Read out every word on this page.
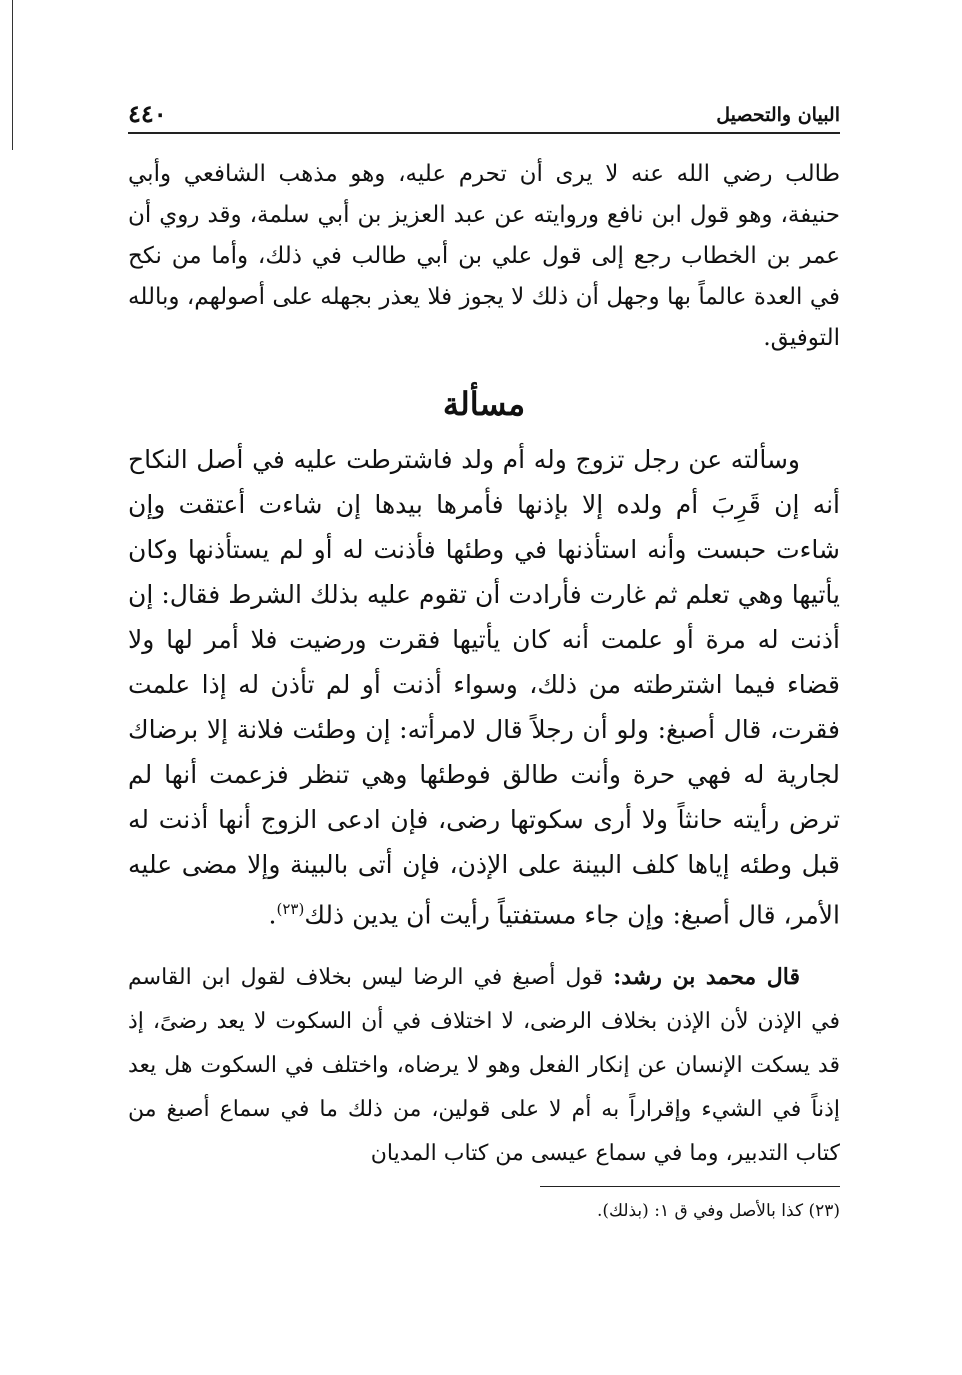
البيان والتحصيل
٤٤٠

طالب رضي الله عنه لا يرى أن تحرم عليه، وهو مذهب الشافعي وأبي حنيفة، وهو قول ابن نافع وروايته عن عبد العزيز بن أبي سلمة، وقد روي أن عمر بن الخطاب رجع إلى قول علي بن أبي طالب في ذلك، وأما من نكح في العدة عالماً بها وجهل أن ذلك لا يجوز فلا يعذر بجهله على أصولهم، وبالله التوفيق.

مسألة

وسألته عن رجل تزوج وله أم ولد فاشترطت عليه في أصل النكاح أنه إن قَرِبَ أم ولده إلا بإذنها فأمرها بيدها إن شاءت أعتقت وإن شاءت حبست وأنه استأذنها في وطئها فأذنت له أو لم يستأذنها وكان يأتيها وهي تعلم ثم غارت فأرادت أن تقوم عليه بذلك الشرط فقال: إن أذنت له مرة أو علمت أنه كان يأتيها فقرت ورضيت فلا أمر لها ولا قضاء فيما اشترطته من ذلك، وسواء أذنت أو لم تأذن له إذا علمت فقرت، قال أصبغ: ولو أن رجلاً قال لامرأته: إن وطئت فلانة إلا برضاك لجارية له فهي حرة وأنت طالق فوطئها وهي تنظر فزعمت أنها لم ترض رأيته حانثاً ولا أرى سكوتها رضى، فإن ادعى الزوج أنها أذنت له قبل وطئه إياها كلف البينة على الإذن، فإن أتى بالبينة وإلا مضى عليه الأمر، قال أصبغ: وإن جاء مستفتياً رأيت أن يدين ذلك$^{(٢٣)}$.

قال محمد بن رشد: قول أصبغ في الرضا ليس بخلاف لقول ابن القاسم في الإذن لأن الإذن بخلاف الرضى، لا اختلاف في أن السكوت لا يعد رضىً، إذ قد يسكت الإنسان عن إنكار الفعل وهو لا يرضاه، واختلف في السكوت هل يعد إذناً في الشيء وإقراراً به أم لا على قولين، من ذلك ما في سماع أصبغ من كتاب التدبير، وما في سماع عيسى من كتاب المديان

(٢٣) كذا بالأصل وفي ق ١: (بذلك).
